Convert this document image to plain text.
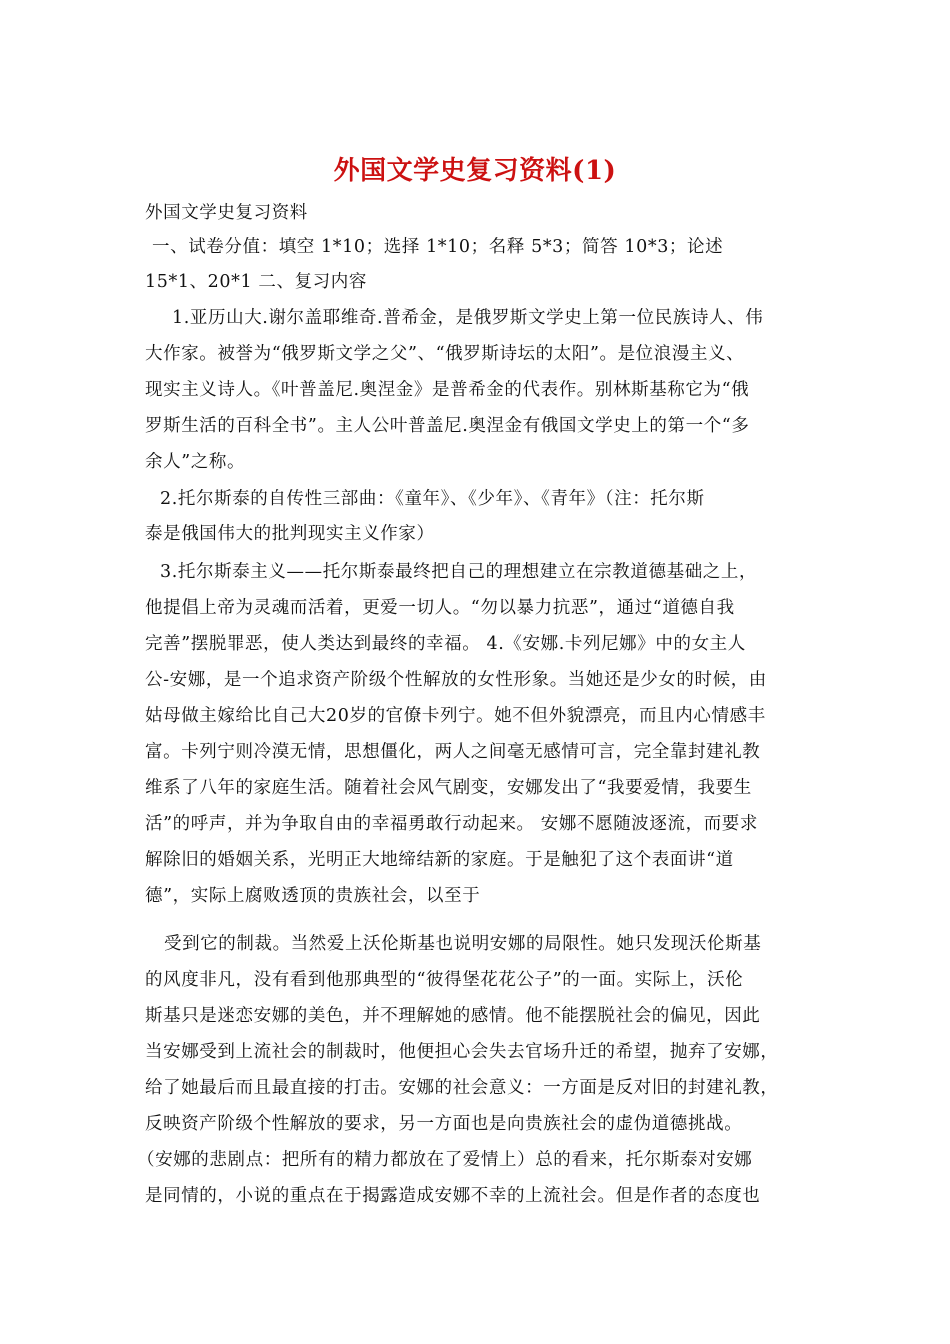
外国文学史复习资料(1)
外国文学史复习资料
一、试卷分值：填空 1*10；选择 1*10；名释 5*3；简答 10*3；论述
15*1、20*1 二、复习内容
1.亚历山大.谢尔盖耶维奇.普希金，是俄罗斯文学史上第一位民族诗人、伟
大作家。被誉为“俄罗斯文学之父”、“俄罗斯诗坛的太阳”。是位浪漫主义、
现实主义诗人。《叶普盖尼.奥涅金》是普希金的代表作。别林斯基称它为“俄
罗斯生活的百科全书”。主人公叶普盖尼.奥涅金有俄国文学史上的第一个“多
余人”之称。
2.托尔斯泰的自传性三部曲：《童年》、《少年》、《青年》（注：托尔斯
泰是俄国伟大的批判现实主义作家）
3.托尔斯泰主义——托尔斯泰最终把自己的理想建立在宗教道德基础之上，
他提倡上帝为灵魂而活着，更爱一切人。“勿以暴力抗恶”，通过“道德自我
完善”摆脱罪恶，使人类达到最终的幸福。 4.《安娜.卡列尼娜》中的女主人
公-安娜，是一个追求资产阶级个性解放的女性形象。当她还是少女的时候，由
姑母做主嫁给比自己大20岁的官僚卡列宁。她不但外貌漂亮，而且内心情感丰
富。卡列宁则冷漠无情，思想僵化，两人之间毫无感情可言，完全靠封建礼教
维系了八年的家庭生活。随着社会风气剧变，安娜发出了“我要爱情，我要生
活”的呼声，并为争取自由的幸福勇敢行动起来。 安娜不愿随波逐流，而要求
解除旧的婚姻关系，光明正大地缔结新的家庭。于是触犯了这个表面讲“道
德”，实际上腐败透顶的贵族社会，以至于
受到它的制裁。当然爱上沃伦斯基也说明安娜的局限性。她只发现沃伦斯基
的风度非凡，没有看到他那典型的“彼得堡花花公子”的一面。实际上，沃伦
斯基只是迷恋安娜的美色，并不理解她的感情。他不能摆脱社会的偏见，因此
当安娜受到上流社会的制裁时，他便担心会失去官场升迁的希望，抛弃了安娜，
给了她最后而且最直接的打击。安娜的社会意义：一方面是反对旧的封建礼教，
反映资产阶级个性解放的要求，另一方面也是向贵族社会的虚伪道德挑战。
（安娜的悲剧点：把所有的精力都放在了爱情上）总的看来，托尔斯泰对安娜
是同情的，小说的重点在于揭露造成安娜不幸的上流社会。但是作者的态度也
